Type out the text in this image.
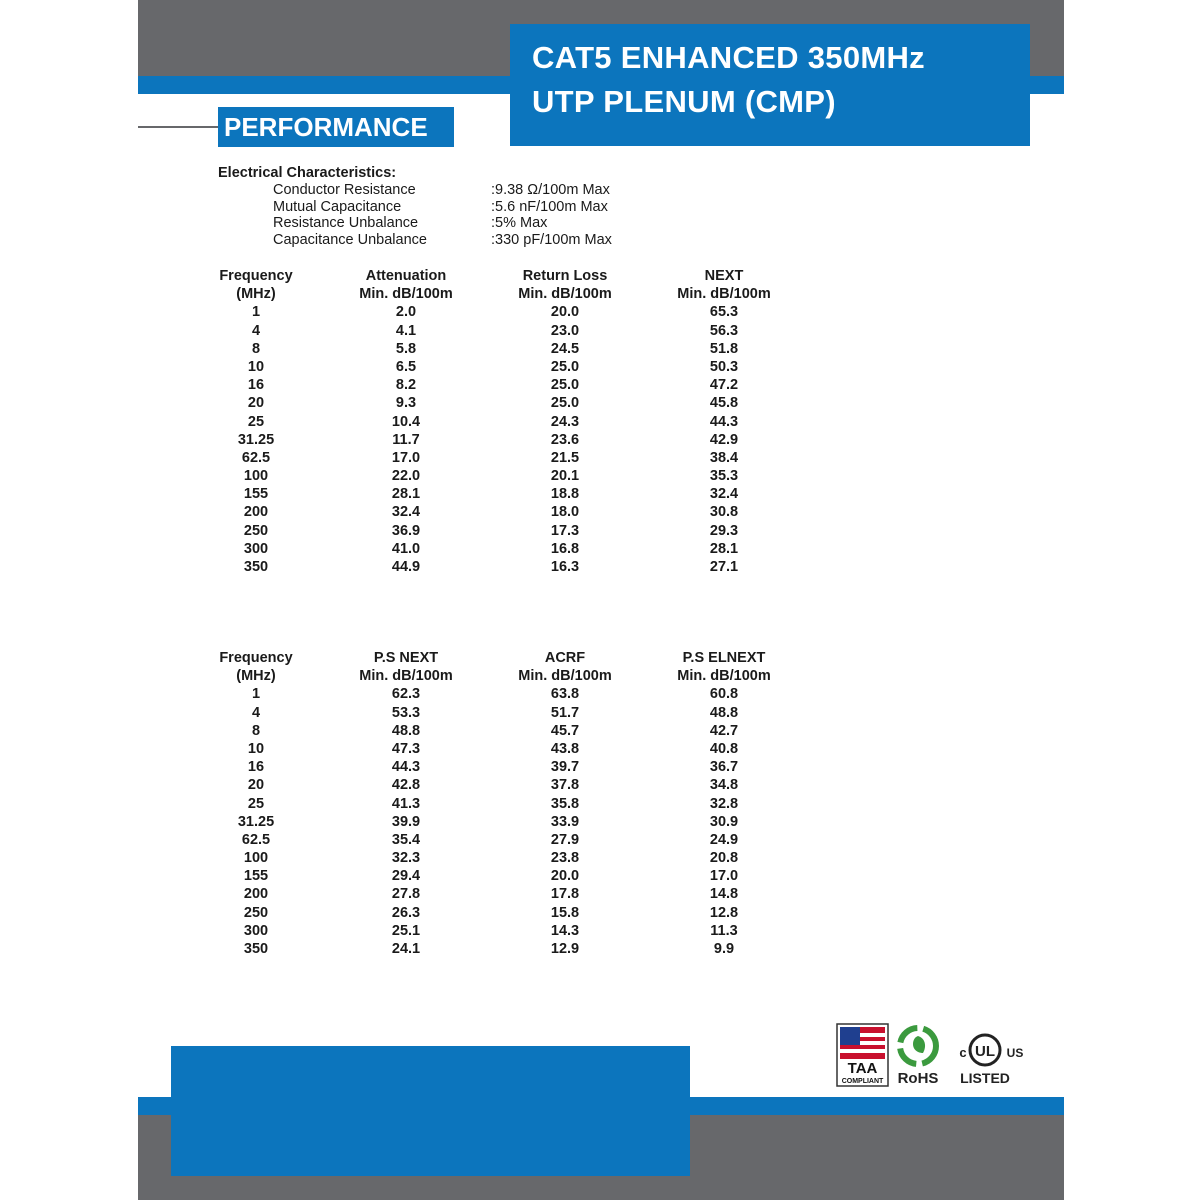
CAT5 ENHANCED 350MHz
UTP PLENUM (CMP)
PERFORMANCE
Electrical Characteristics:
Conductor Resistance	:9.38 Ω/100m Max
Mutual Capacitance	:5.6 nF/100m Max
Resistance Unbalance	:5% Max
Capacitance Unbalance	:330 pF/100m Max
Frequency	Attenuation	Return Loss	NEXT
(MHz)	Min. dB/100m	Min. dB/100m	Min. dB/100m
1	2.0	20.0	65.3
4	4.1	23.0	56.3
8	5.8	24.5	51.8
10	6.5	25.0	50.3
16	8.2	25.0	47.2
20	9.3	25.0	45.8
25	10.4	24.3	44.3
31.25	11.7	23.6	42.9
62.5	17.0	21.5	38.4
100	22.0	20.1	35.3
155	28.1	18.8	32.4
200	32.4	18.0	30.8
250	36.9	17.3	29.3
300	41.0	16.8	28.1
350	44.9	16.3	27.1
Frequency	P.S NEXT	ACRF	P.S ELNEXT
(MHz)	Min. dB/100m	Min. dB/100m	Min. dB/100m
1	62.3	63.8	60.8
4	53.3	51.7	48.8
8	48.8	45.7	42.7
10	47.3	43.8	40.8
16	44.3	39.7	36.7
20	42.8	37.8	34.8
25	41.3	35.8	32.8
31.25	39.9	33.9	30.9
62.5	35.4	27.9	24.9
100	32.3	23.8	20.8
155	29.4	20.0	17.0
200	27.8	17.8	14.8
250	26.3	15.8	12.8
300	25.1	14.3	11.3
350	24.1	12.9	9.9
TAA
COMPLIANT RoHS
c UL US
LISTED
